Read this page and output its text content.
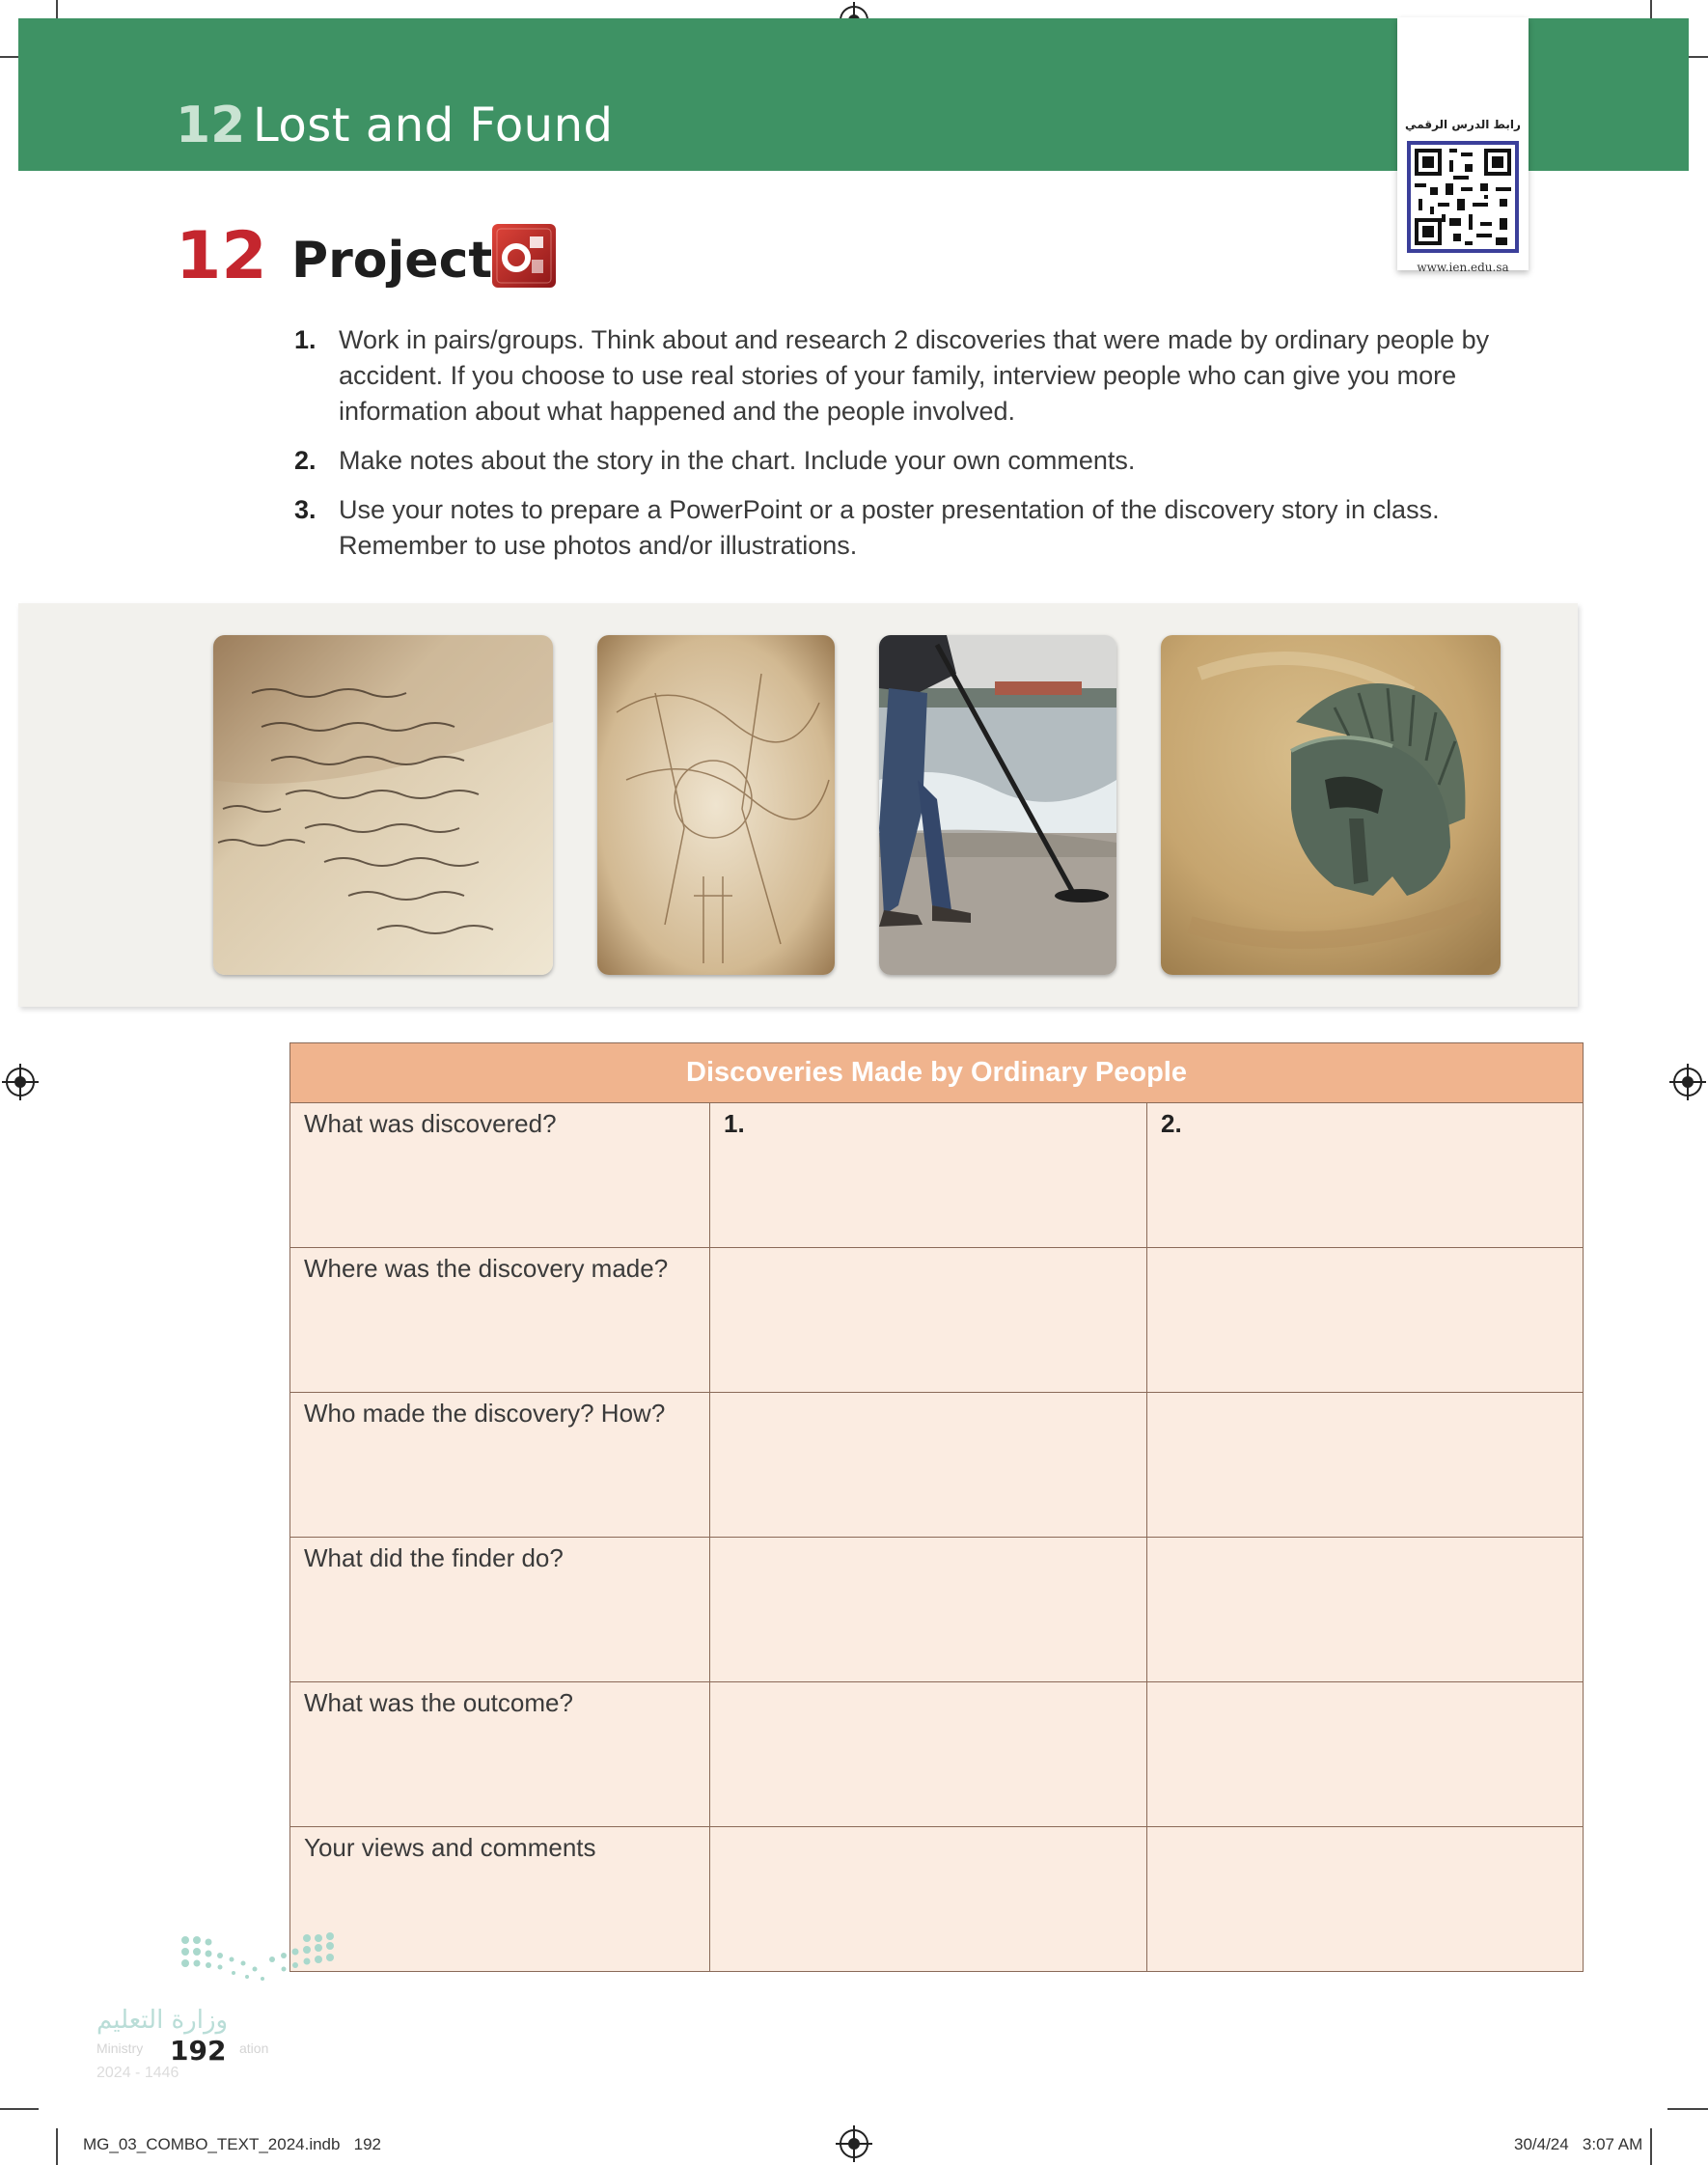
12 Lost and Found	رابط الدرس الرقمي
www.ien.edu.sa
12 Project
1. Work in pairs/groups. Think about and research 2 discoveries that were made by ordinary people by accident. If you choose to use real stories of your family, interview people who can give you more information about what happened and the people involved.
2. Make notes about the story in the chart. Include your own comments.
3. Use your notes to prepare a PowerPoint or a poster presentation of the discovery story in class. Remember to use photos and/or illustrations.
Discoveries Made by Ordinary People		
What was discovered?	1.	2.
Where was the discovery made?		
Who made the discovery? How?		
What did the finder do?		
What was the outcome?		
Your views and comments		
وزارة التعليم
Ministry	ation
2024 - 1446
192
MG_03_COMBO_TEXT_2024.indb   192	30/4/24   3:07 AM
